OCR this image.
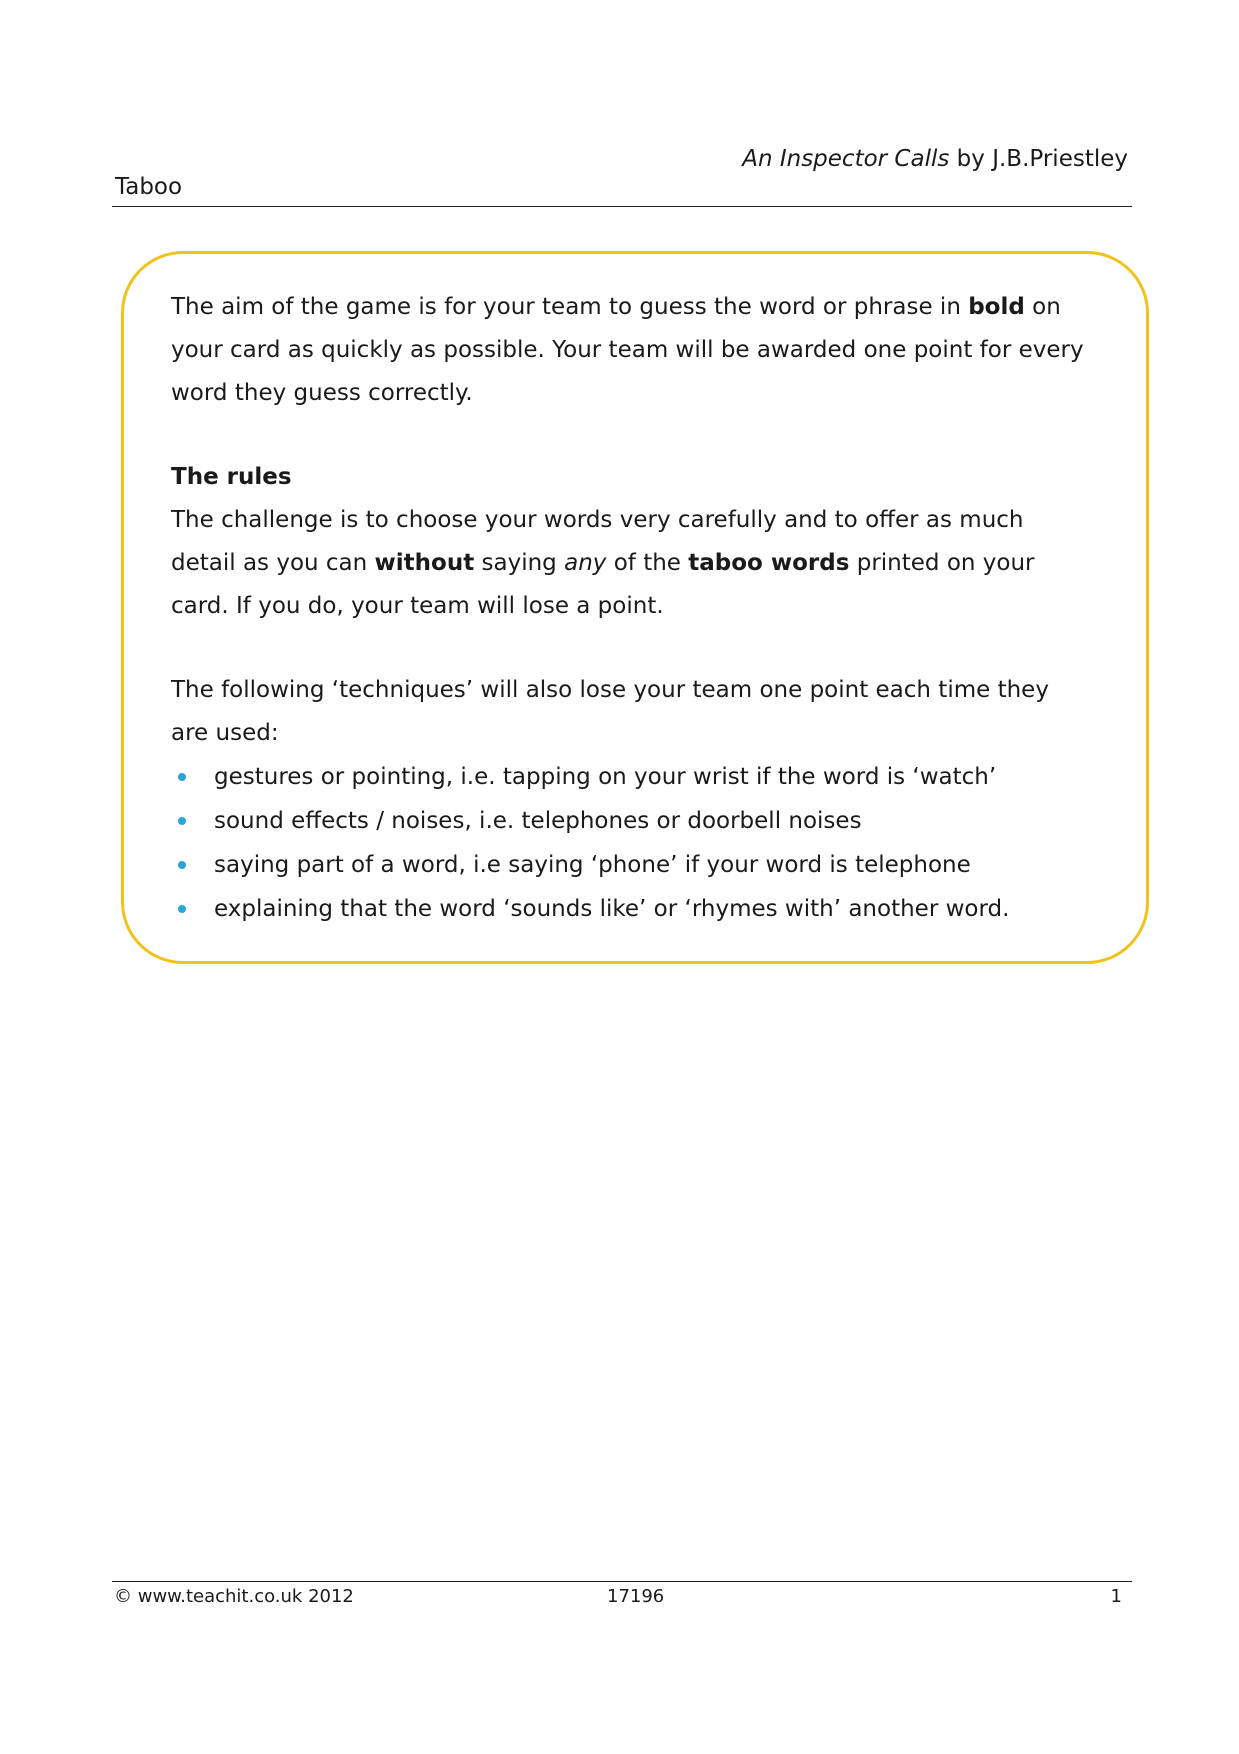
An Inspector Calls by J.B.Priestley
Taboo

The aim of the game is for your team to guess the word or phrase in bold on your card as quickly as possible. Your team will be awarded one point for every word they guess correctly.

The rules

The challenge is to choose your words very carefully and to offer as much detail as you can without saying any of the taboo words printed on your card. If you do, your team will lose a point.

The following ‘techniques’ will also lose your team one point each time they are used:

gestures or pointing, i.e. tapping on your wrist if the word is ‘watch’
sound effects / noises, i.e. telephones or doorbell noises
saying part of a word, i.e saying ‘phone’ if your word is telephone
explaining that the word ‘sounds like’ or ‘rhymes with’ another word.
© www.teachit.co.uk 2012	17196	1
